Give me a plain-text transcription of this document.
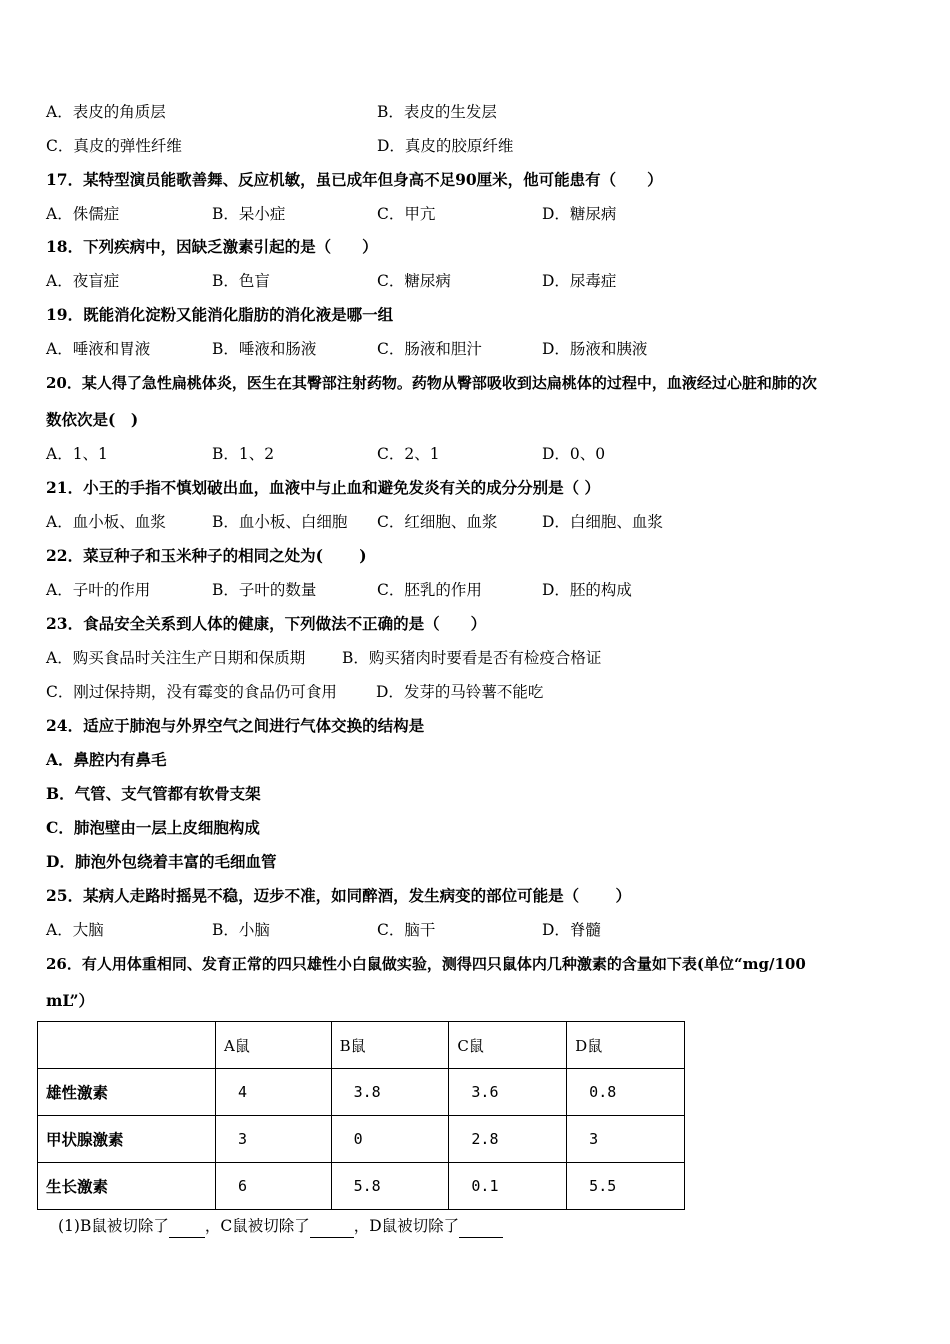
A．表皮的角质层	B．表皮的生发层
C．真皮的弹性纤维	D．真皮的胶原纤维
17．某特型演员能歌善舞、反应机敏，虽已成年但身高不足90厘米，他可能患有（　　）
A．侏儒症	B．呆小症	C．甲亢	D．糖尿病
18．下列疾病中，因缺乏激素引起的是（　　）
A．夜盲症	B．色盲	C．糖尿病	D．尿毒症
19．既能消化淀粉又能消化脂肪的消化液是哪一组
A．唾液和胃液	B．唾液和肠液	C．肠液和胆汁	D．肠液和胰液
20．某人得了急性扁桃体炎，医生在其臀部注射药物。药物从臀部吸收到达扁桃体的过程中，血液经过心脏和肺的次
数依次是(　)
A．1、1	B．1、2	C．2、1	D．0、0
21．小王的手指不慎划破出血，血液中与止血和避免发炎有关的成分分别是（ ）
A．血小板、血浆	B．血小板、白细胞 C．红细胞、血浆	D．白细胞、血浆
22．菜豆种子和玉米种子的相同之处为(　　 )
A．子叶的作用	B．子叶的数量	C．胚乳的作用	D．胚的构成
23．食品安全关系到人体的健康，下列做法不正确的是（　　）
A．购买食品时关注生产日期和保质期 B．购买猪肉时要看是否有检疫合格证
C．刚过保持期，没有霉变的食品仍可食用	D．发芽的马铃薯不能吃
24．适应于肺泡与外界空气之间进行气体交换的结构是
A．鼻腔内有鼻毛
B．气管、支气管都有软骨支架
C．肺泡壁由一层上皮细胞构成
D．肺泡外包绕着丰富的毛细血管
25．某病人走路时摇晃不稳，迈步不准，如同醉酒，发生病变的部位可能是（　　 ）
A．大脑	B．小脑	C．脑干	D．脊髓
26．有人用体重相同、发育正常的四只雄性小白鼠做实验，测得四只鼠体内几种激素的含量如下表(单位“mg/100
mL”）
	A鼠	B鼠	C鼠	D鼠
雄性激素	4	3.8	3.6	0.8
甲状腺激素	3	0	2.8	3
生长激素	6	5.8	0.1	5.5
(1)B鼠被切除了 ，C鼠被切除了	，D鼠被切除了
